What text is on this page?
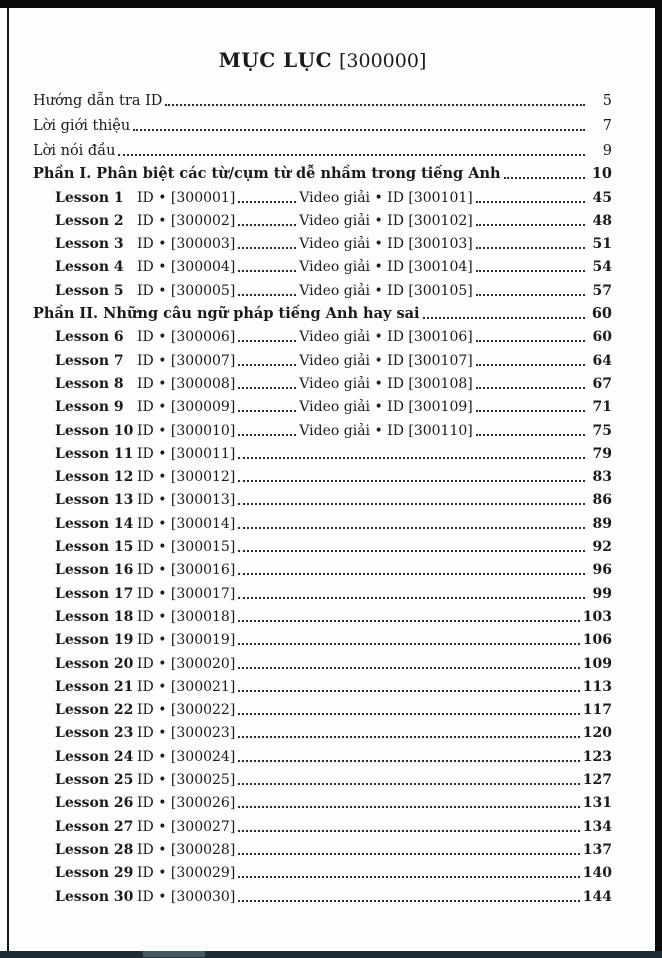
MỤC LỤC [300000]
Hướng dẫn tra ID	5
Lời giới thiệu	7
Lời nói đầu	9
Phần I. Phân biệt các từ/cụm từ dễ nhầm trong tiếng Anh	10
Lesson 1 ID • [300001]	Video giải • ID [300101]	45
Lesson 2 ID • [300002]	Video giải • ID [300102]	48
Lesson 3 ID • [300003]	Video giải • ID [300103]	51
Lesson 4 ID • [300004]	Video giải • ID [300104]	54
Lesson 5 ID • [300005]	Video giải • ID [300105]	57
Phần II. Những câu ngữ pháp tiếng Anh hay sai	60
Lesson 6 ID • [300006]	Video giải • ID [300106]	60
Lesson 7 ID • [300007]	Video giải • ID [300107]	64
Lesson 8 ID • [300008]	Video giải • ID [300108]	67
Lesson 9 ID • [300009]	Video giải • ID [300109]	71
Lesson 10 ID • [300010]	Video giải • ID [300110]	75
Lesson 11 ID • [300011]	79
Lesson 12 ID • [300012]	83
Lesson 13 ID • [300013]	86
Lesson 14 ID • [300014]	89
Lesson 15 ID • [300015]	92
Lesson 16 ID • [300016]	96
Lesson 17 ID • [300017]	99
Lesson 18 ID • [300018]	103
Lesson 19 ID • [300019]	106
Lesson 20 ID • [300020]	109
Lesson 21 ID • [300021]	113
Lesson 22 ID • [300022]	117
Lesson 23 ID • [300023]	120
Lesson 24 ID • [300024]	123
Lesson 25 ID • [300025]	127
Lesson 26 ID • [300026]	131
Lesson 27 ID • [300027]	134
Lesson 28 ID • [300028]	137
Lesson 29 ID • [300029]	140
Lesson 30 ID • [300030]	144
